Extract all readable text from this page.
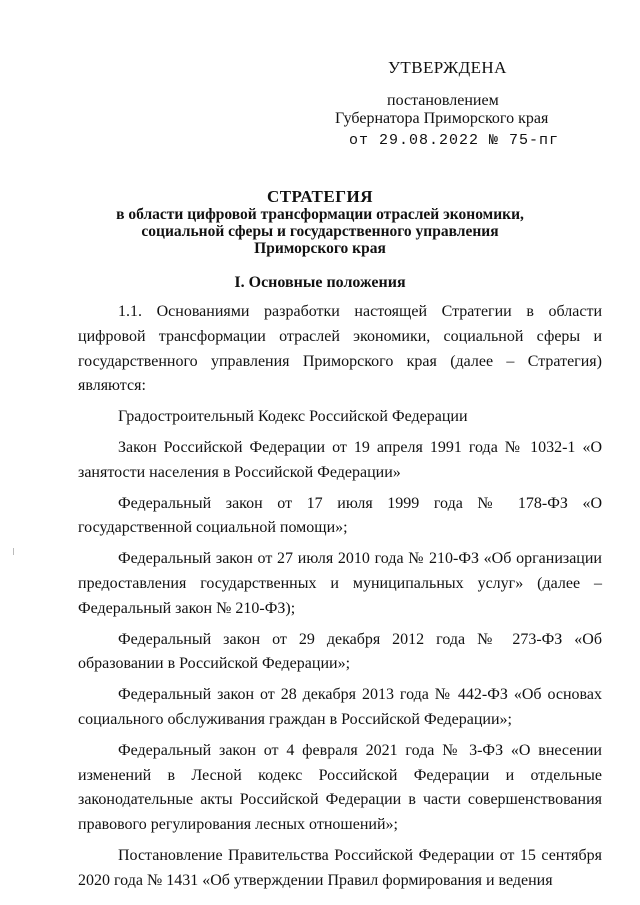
УТВЕРЖДЕНА
постановлением
Губернатора Приморского края
от 29.08.2022 № 75-пг
СТРАТЕГИЯ
в области цифровой трансформации отраслей экономики,
социальной сферы и государственного управления
Приморского края
I. Основные положения

1.1. Основаниями разработки настоящей Стратегии в области цифровой трансформации отраслей экономики, социальной сферы и государственного управления Приморского края (далее – Стратегия) являются:

Градостроительный Кодекс Российской Федерации

Закон Российской Федерации от 19 апреля 1991 года № 1032-1 «О занятости населения в Российской Федерации»

Федеральный закон от 17 июля 1999 года № 178-ФЗ «О государственной социальной помощи»;

Федеральный закон от 27 июля 2010 года № 210-ФЗ «Об организации предоставления государственных и муниципальных услуг» (далее – Федеральный закон № 210-ФЗ);

Федеральный закон от 29 декабря 2012 года № 273-ФЗ «Об образовании в Российской Федерации»;

Федеральный закон от 28 декабря 2013 года № 442-ФЗ «Об основах социального обслуживания граждан в Российской Федерации»;

Федеральный закон от 4 февраля 2021 года № 3-ФЗ «О внесении изменений в Лесной кодекс Российской Федерации и отдельные законодательные акты Российской Федерации в части совершенствования правового регулирования лесных отношений»;

Постановление Правительства Российской Федерации от 15 сентября 2020 года № 1431 «Об утверждении Правил формирования и ведения
